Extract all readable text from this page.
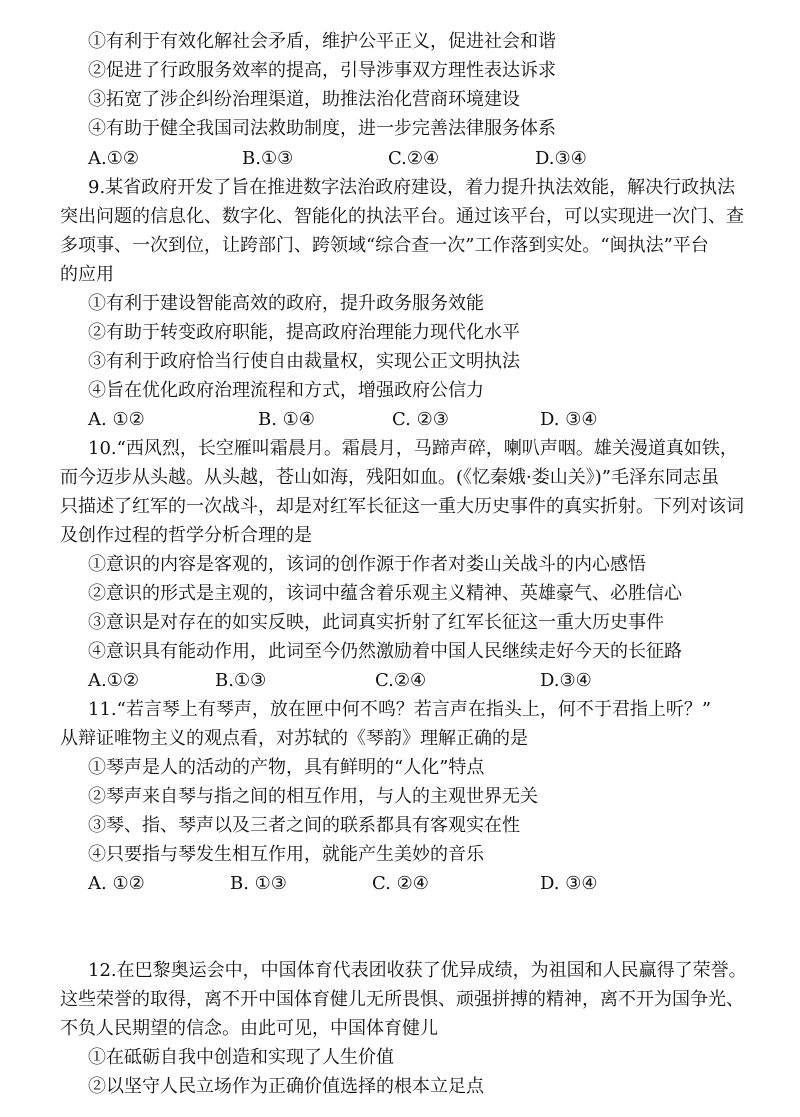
①有利于有效化解社会矛盾，维护公平正义，促进社会和谐
②促进了行政服务效率的提高，引导涉事双方理性表达诉求
③拓宽了涉企纠纷治理渠道，助推法治化营商环境建设
④有助于健全我国司法救助制度，进一步完善法律服务体系
A.①②	B.①③	C.②④	D.③④
9.某省政府开发了旨在推进数字法治政府建设，着力提升执法效能，解决行政执法
突出问题的信息化、数字化、智能化的执法平台。通过该平台，可以实现进一次门、查
多项事、一次到位，让跨部门、跨领域“综合查一次”工作落到实处。“闽执法”平台
的应用
①有利于建设智能高效的政府，提升政务服务效能
②有助于转变政府职能，提高政府治理能力现代化水平
③有利于政府恰当行使自由裁量权，实现公正文明执法
④旨在优化政府治理流程和方式，增强政府公信力
A. ①②	B. ①④	C. ②③	D. ③④
10.“西风烈，长空雁叫霜晨月。霜晨月，马蹄声碎，喇叭声咽。雄关漫道真如铁，
而今迈步从头越。从头越，苍山如海，残阳如血。(《忆秦娥·娄山关》)”毛泽东同志虽
只描述了红军的一次战斗，却是对红军长征这一重大历史事件的真实折射。下列对该词
及创作过程的哲学分析合理的是
①意识的内容是客观的，该词的创作源于作者对娄山关战斗的内心感悟
②意识的形式是主观的，该词中蕴含着乐观主义精神、英雄豪气、必胜信心
③意识是对存在的如实反映，此词真实折射了红军长征这一重大历史事件
④意识具有能动作用，此词至今仍然激励着中国人民继续走好今天的长征路
A.①②	B.①③	C.②④	D.③④
11.“若言琴上有琴声，放在匣中何不鸣？若言声在指头上，何不于君指上听？”
从辩证唯物主义的观点看，对苏轼的《琴韵》理解正确的是
①琴声是人的活动的产物，具有鲜明的“人化”特点
②琴声来自琴与指之间的相互作用，与人的主观世界无关
③琴、指、琴声以及三者之间的联系都具有客观实在性
④只要指与琴发生相互作用，就能产生美妙的音乐
A. ①②	B. ①③	C. ②④	D. ③④
12.在巴黎奥运会中，中国体育代表团收获了优异成绩，为祖国和人民赢得了荣誉。
这些荣誉的取得，离不开中国体育健儿无所畏惧、顽强拼搏的精神，离不开为国争光、
不负人民期望的信念。由此可见，中国体育健儿
①在砥砺自我中创造和实现了人生价值
②以坚守人民立场作为正确价值选择的根本立足点
